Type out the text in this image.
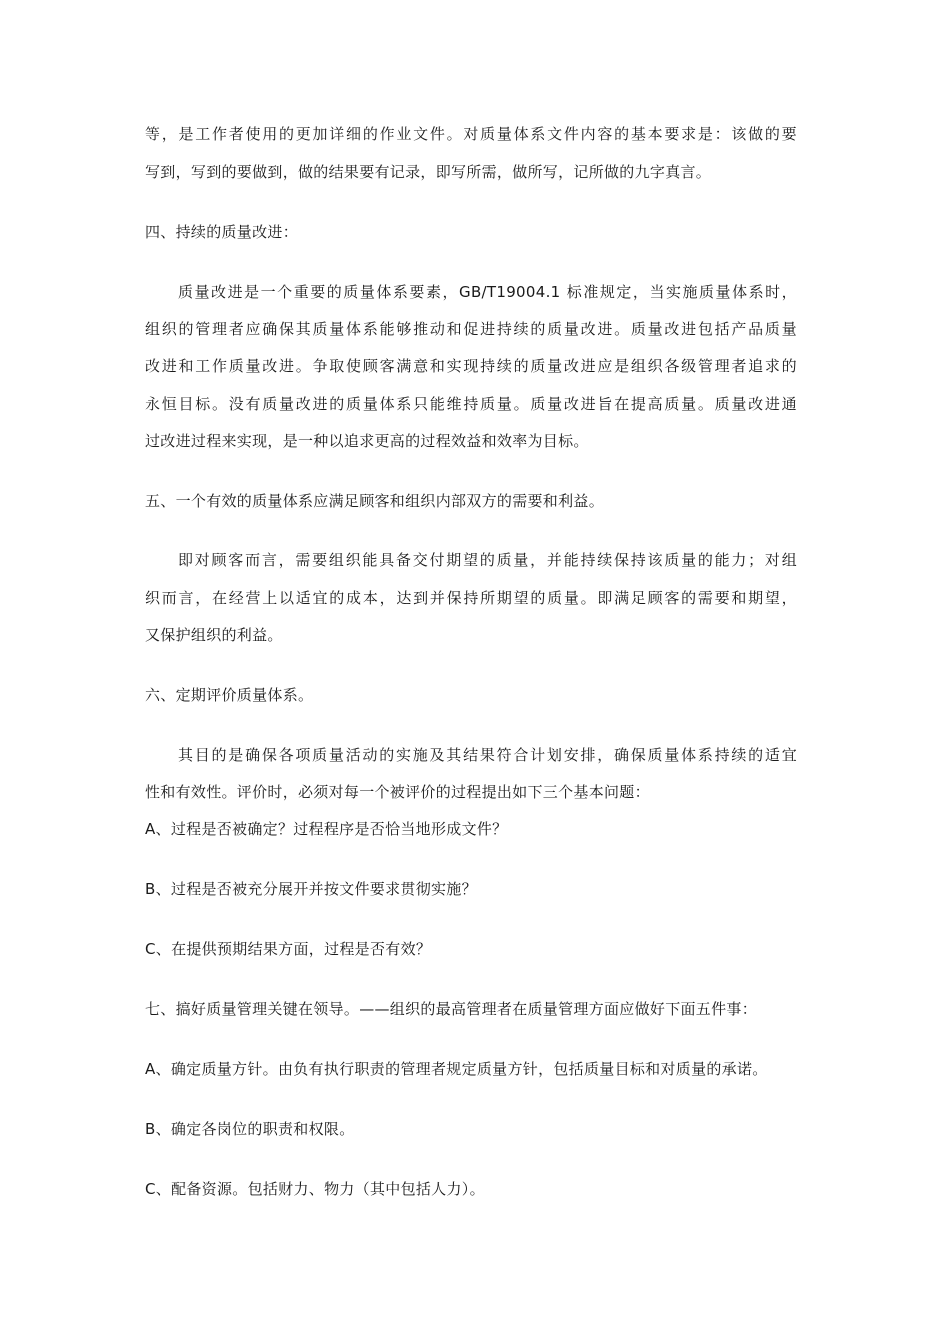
等，是工作者使用的更加详细的作业文件。对质量体系文件内容的基本要求是：该做的要
写到，写到的要做到，做的结果要有记录，即写所需，做所写，记所做的九字真言。
四、持续的质量改进：
质量改进是一个重要的质量体系要素，GB/T19004.1 标准规定，当实施质量体系时，
组织的管理者应确保其质量体系能够推动和促进持续的质量改进。质量改进包括产品质量
改进和工作质量改进。争取使顾客满意和实现持续的质量改进应是组织各级管理者追求的
永恒目标。没有质量改进的质量体系只能维持质量。质量改进旨在提高质量。质量改进通
过改进过程来实现，是一种以追求更高的过程效益和效率为目标。
五、一个有效的质量体系应满足顾客和组织内部双方的需要和利益。
即对顾客而言，需要组织能具备交付期望的质量，并能持续保持该质量的能力；对组
织而言，在经营上以适宜的成本，达到并保持所期望的质量。即满足顾客的需要和期望，
又保护组织的利益。
六、定期评价质量体系。
其目的是确保各项质量活动的实施及其结果符合计划安排，确保质量体系持续的适宜
性和有效性。评价时，必须对每一个被评价的过程提出如下三个基本问题：
A、过程是否被确定？过程程序是否恰当地形成文件？
B、过程是否被充分展开并按文件要求贯彻实施？
C、在提供预期结果方面，过程是否有效？
七、搞好质量管理关键在领导。——组织的最高管理者在质量管理方面应做好下面五件事：
A、确定质量方针。由负有执行职责的管理者规定质量方针，包括质量目标和对质量的承诺。
B、确定各岗位的职责和权限。
C、配备资源。包括财力、物力（其中包括人力）。
